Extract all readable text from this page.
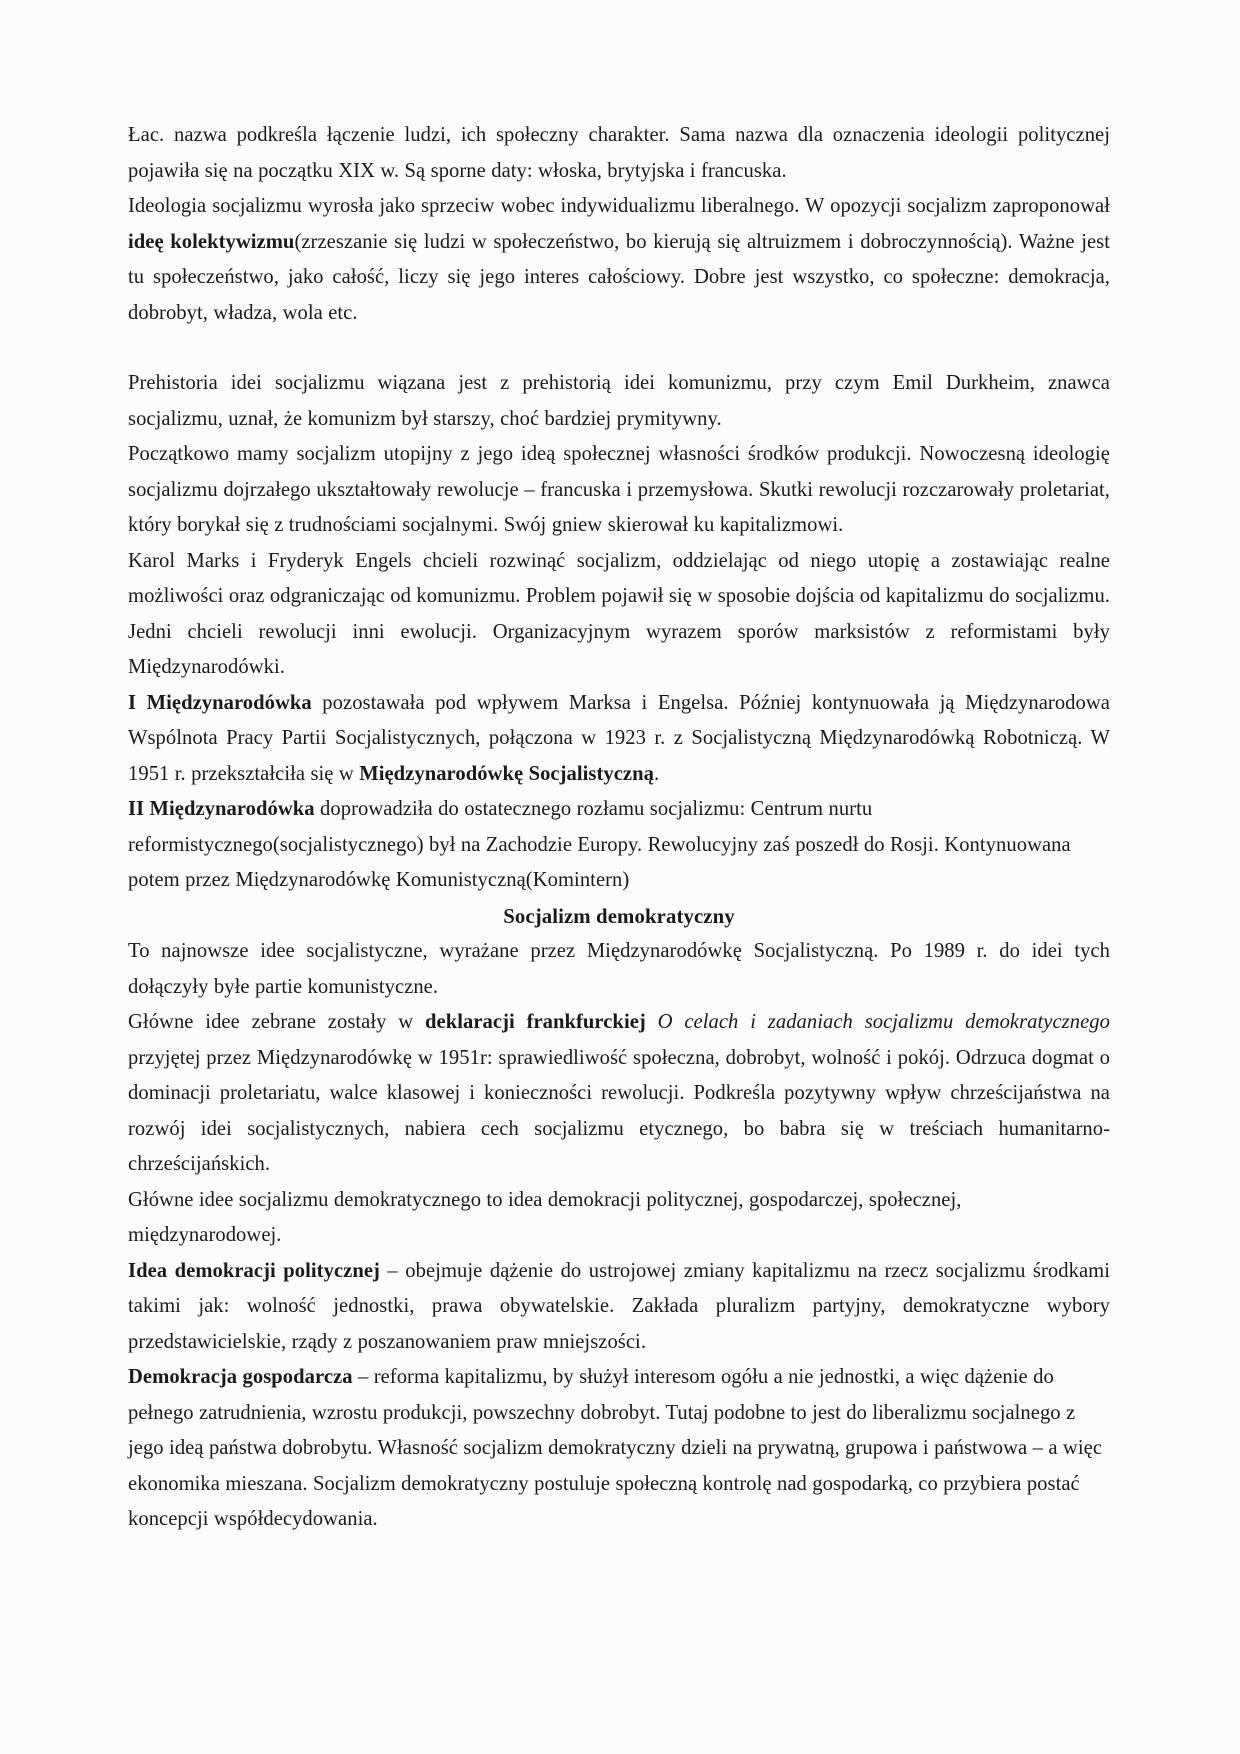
Łac. nazwa podkreśla łączenie ludzi, ich społeczny charakter. Sama nazwa dla oznaczenia ideologii politycznej pojawiła się na początku XIX w. Są sporne daty: włoska, brytyjska i francuska.

Ideologia socjalizmu wyrosła jako sprzeciw wobec indywidualizmu liberalnego. W opozycji socjalizm zaproponował ideę kolektywizmu(zrzeszanie się ludzi w społeczeństwo, bo kierują się altruizmem i dobroczynnością). Ważne jest tu społeczeństwo, jako całość, liczy się jego interes całościowy. Dobre jest wszystko, co społeczne: demokracja, dobrobyt, władza, wola etc.

Prehistoria idei socjalizmu wiązana jest z prehistorią idei komunizmu, przy czym Emil Durkheim, znawca socjalizmu, uznał, że komunizm był starszy, choć bardziej prymitywny.

Początkowo mamy socjalizm utopijny z jego ideą społecznej własności środków produkcji. Nowoczesną ideologię socjalizmu dojrzałego ukształtowały rewolucje – francuska i przemysłowa. Skutki rewolucji rozczarowały proletariat, który borykał się z trudnościami socjalnymi. Swój gniew skierował ku kapitalizmowi.

Karol Marks i Fryderyk Engels chcieli rozwinąć socjalizm, oddzielając od niego utopię a zostawiając realne możliwości oraz odgraniczając od komunizmu. Problem pojawił się w sposobie dojścia od kapitalizmu do socjalizmu. Jedni chcieli rewolucji inni ewolucji. Organizacyjnym wyrazem sporów marksistów z reformistami były Międzynarodówki.

I Międzynarodówka pozostawała pod wpływem Marksa i Engelsa. Później kontynuowała ją Międzynarodowa Wspólnota Pracy Partii Socjalistycznych, połączona w 1923 r. z Socjalistyczną Międzynarodówką Robotniczą. W 1951 r. przekształciła się w Międzynarodówkę Socjalistyczną.

II Międzynarodówka doprowadziła do ostatecznego rozłamu socjalizmu: Centrum nurtu reformistycznego(socjalistycznego) był na Zachodzie Europy. Rewolucyjny zaś poszedł do Rosji. Kontynuowana potem przez Międzynarodówkę Komunistyczną(Komintern)

Socjalizm demokratyczny

To najnowsze idee socjalistyczne, wyrażane przez Międzynarodówkę Socjalistyczną. Po 1989 r. do idei tych dołączyły byłe partie komunistyczne.

Główne idee zebrane zostały w deklaracji frankfurckiej O celach i zadaniach socjalizmu demokratycznego przyjętej przez Międzynarodówkę w 1951r: sprawiedliwość społeczna, dobrobyt, wolność i pokój. Odrzuca dogmat o dominacji proletariatu, walce klasowej i konieczności rewolucji. Podkreśla pozytywny wpływ chrześcijaństwa na rozwój idei socjalistycznych, nabiera cech socjalizmu etycznego, bo babra się w treściach humanitarno-chrześcijańskich.

Główne idee socjalizmu demokratycznego to idea demokracji politycznej, gospodarczej, społecznej, międzynarodowej.

Idea demokracji politycznej – obejmuje dążenie do ustrojowej zmiany kapitalizmu na rzecz socjalizmu środkami takimi jak: wolność jednostki, prawa obywatelskie. Zakłada pluralizm partyjny, demokratyczne wybory przedstawicielskie, rządy z poszanowaniem praw mniejszości.

Demokracja gospodarcza – reforma kapitalizmu, by służył interesom ogółu a nie jednostki, a więc dążenie do pełnego zatrudnienia, wzrostu produkcji, powszechny dobrobyt. Tutaj podobne to jest do liberalizmu socjalnego z jego ideą państwa dobrobytu. Własność socjalizm demokratyczny dzieli na prywatną, grupowa i państwowa – a więc ekonomika mieszana. Socjalizm demokratyczny postuluje społeczną kontrolę nad gospodarką, co przybiera postać koncepcji współdecydowania.
